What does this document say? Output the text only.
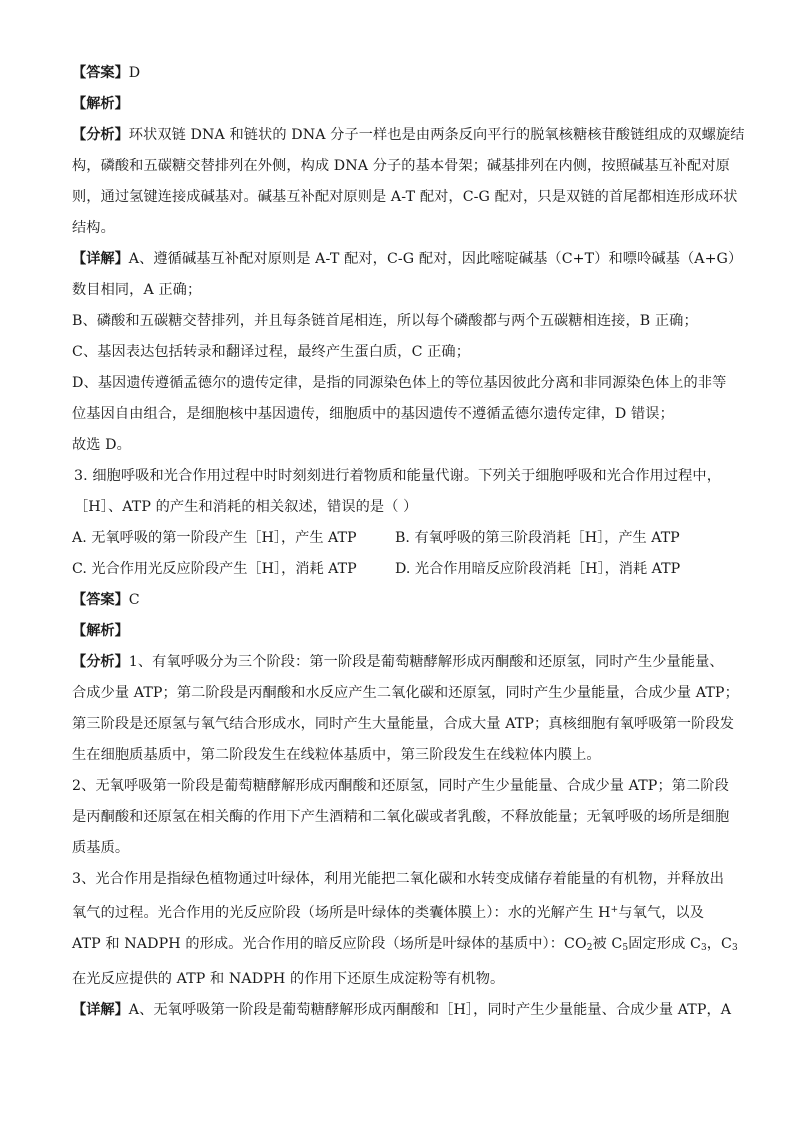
【答案】D
【解析】
【分析】环状双链 DNA 和链状的 DNA 分子一样也是由两条反向平行的脱氧核糖核苷酸链组成的双螺旋结
构，磷酸和五碳糖交替排列在外侧，构成 DNA 分子的基本骨架；碱基排列在内侧，按照碱基互补配对原
则，通过氢键连接成碱基对。碱基互补配对原则是 A-T 配对，C-G 配对，只是双链的首尾都相连形成环状
结构。
【详解】A、遵循碱基互补配对原则是 A-T 配对，C-G 配对，因此嘧啶碱基（C+T）和嘌呤碱基（A+G）
数目相同，A 正确；
B、磷酸和五碳糖交替排列，并且每条链首尾相连，所以每个磷酸都与两个五碳糖相连接，B 正确；
C、基因表达包括转录和翻译过程，最终产生蛋白质，C 正确；
D、基因遗传遵循孟德尔的遗传定律，是指的同源染色体上的等位基因彼此分离和非同源染色体上的非等
位基因自由组合，是细胞核中基因遗传，细胞质中的基因遗传不遵循孟德尔遗传定律，D 错误；
故选 D。
3. 细胞呼吸和光合作用过程中时时刻刻进行着物质和能量代谢。下列关于细胞呼吸和光合作用过程中，
［H］、ATP 的产生和消耗的相关叙述，错误的是（ ）
A. 无氧呼吸的第一阶段产生［H］，产生 ATP	B. 有氧呼吸的第三阶段消耗［H］，产生 ATP
C. 光合作用光反应阶段产生［H］，消耗 ATP	D. 光合作用暗反应阶段消耗［H］，消耗 ATP
【答案】C
【解析】
【分析】1、有氧呼吸分为三个阶段：第一阶段是葡萄糖酵解形成丙酮酸和还原氢，同时产生少量能量、
合成少量 ATP；第二阶段是丙酮酸和水反应产生二氧化碳和还原氢，同时产生少量能量，合成少量 ATP；
第三阶段是还原氢与氧气结合形成水，同时产生大量能量，合成大量 ATP；真核细胞有氧呼吸第一阶段发
生在细胞质基质中，第二阶段发生在线粒体基质中，第三阶段发生在线粒体内膜上。
2、无氧呼吸第一阶段是葡萄糖酵解形成丙酮酸和还原氢，同时产生少量能量、合成少量 ATP；第二阶段
是丙酮酸和还原氢在相关酶的作用下产生酒精和二氧化碳或者乳酸，不释放能量；无氧呼吸的场所是细胞
质基质。
3、光合作用是指绿色植物通过叶绿体，利用光能把二氧化碳和水转变成储存着能量的有机物，并释放出
氧气的过程。光合作用的光反应阶段（场所是叶绿体的类囊体膜上）：水的光解产生 H+与氧气，以及
ATP 和 NADPH 的形成。光合作用的暗反应阶段（场所是叶绿体的基质中）：$CO_2$被 $C_5$固定形成 $C_3$，$C_3$
在光反应提供的 ATP 和 NADPH 的作用下还原生成淀粉等有机物。
【详解】A、无氧呼吸第一阶段是葡萄糖酵解形成丙酮酸和［H］，同时产生少量能量、合成少量 ATP，A
